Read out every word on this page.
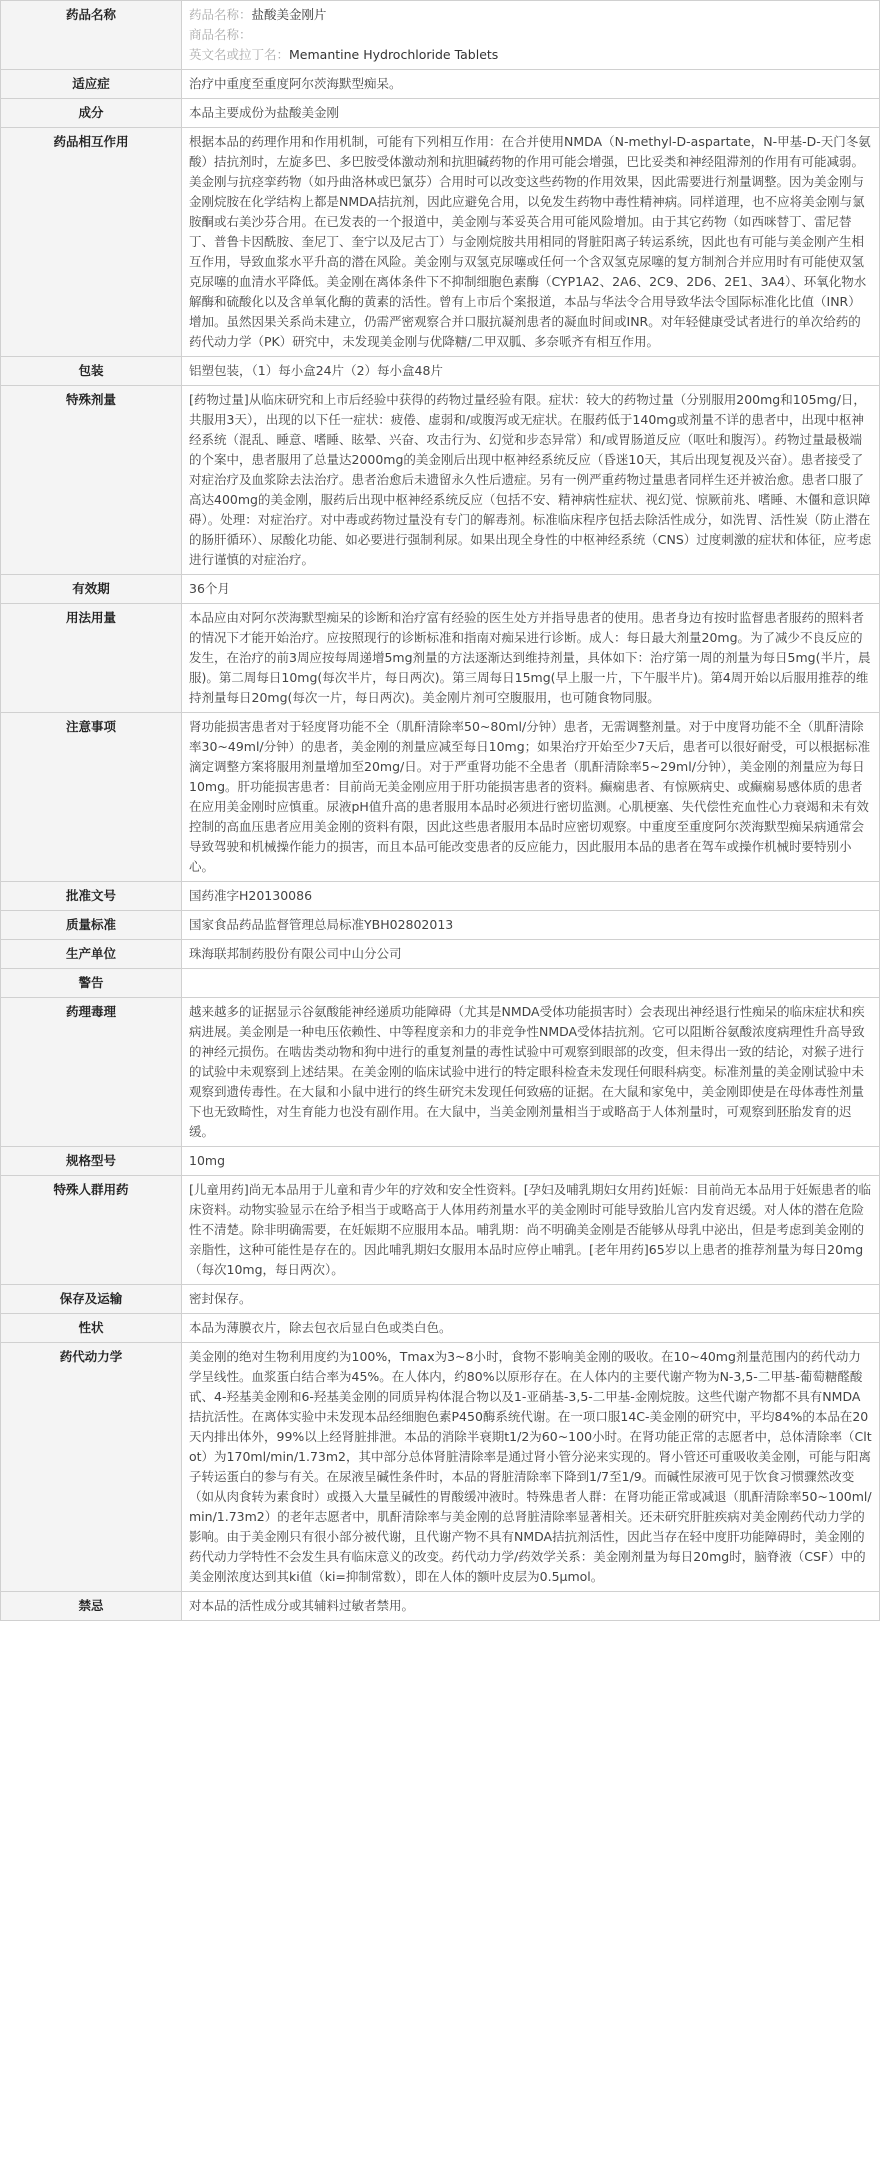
药品名称	药品名称：盐酸美金刚片
商品名称：
英文名或拉丁名：Memantine Hydrochloride Tablets

适应症	治疗中重度至重度阿尔茨海默型痴呆。
成分	本品主要成份为盐酸美金刚
药品相互作用	根据本品的药理作用和作用机制，可能有下列相互作用：在合并使用NMDA（N-methyl-D-aspartate，N-甲基-D-天门冬氨酸）拮抗剂时，左旋多巴、多巴胺受体激动剂和抗胆碱药物的作用可能会增强，巴比妥类和神经阻滞剂的作用有可能减弱。美金刚与抗痉挛药物（如丹曲洛林或巴氯芬）合用时可以改变这些药物的作用效果，因此需要进行剂量调整。因为美金刚与金刚烷胺在化学结构上都是NMDA拮抗剂，因此应避免合用，以免发生药物中毒性精神病。同样道理，也不应将美金刚与氯胺酮或右美沙芬合用。在已发表的一个报道中，美金刚与苯妥英合用可能风险增加。由于其它药物（如西咪替丁、雷尼替丁、普鲁卡因酰胺、奎尼丁、奎宁以及尼古丁）与金刚烷胺共用相同的肾脏阳离子转运系统，因此也有可能与美金刚产生相互作用，导致血浆水平升高的潜在风险。美金刚与双氢克尿噻或任何一个含双氢克尿噻的复方制剂合并应用时有可能使双氢克尿噻的血清水平降低。美金刚在离体条件下不抑制细胞色素酶（CYP1A2、2A6、2C9、2D6、2E1、3A4）、环氧化物水解酶和硫酸化以及含单氧化酶的黄素的活性。曾有上市后个案报道，本品与华法令合用导致华法令国际标准化比值（INR）增加。虽然因果关系尚未建立，仍需严密观察合并口服抗凝剂患者的凝血时间或INR。对年轻健康受试者进行的单次给药的药代动力学（PK）研究中，未发现美金刚与优降糖/二甲双胍、多奈哌齐有相互作用。
包装	铝塑包装，（1）每小盒24片（2）每小盒48片
特殊剂量	[药物过量]从临床研究和上市后经验中获得的药物过量经验有限。症状：较大的药物过量（分别服用200mg和105mg/日，共服用3天），出现的以下任一症状：疲倦、虚弱和/或腹泻或无症状。在服药低于140mg或剂量不详的患者中，出现中枢神经系统（混乱、睡意、嗜睡、眩晕、兴奋、攻击行为、幻觉和步态异常）和/或胃肠道反应（呕吐和腹泻）。药物过量最极端的个案中，患者服用了总量达2000mg的美金刚后出现中枢神经系统反应（昏迷10天，其后出现复视及兴奋）。患者接受了对症治疗及血浆除去法治疗。患者治愈后未遗留永久性后遗症。另有一例严重药物过量患者同样生还并被治愈。患者口服了高达400mg的美金刚，服药后出现中枢神经系统反应（包括不安、精神病性症状、视幻觉、惊厥前兆、嗜睡、木僵和意识障碍）。处理：对症治疗。对中毒或药物过量没有专门的解毒剂。标准临床程序包括去除活性成分，如洗胃、活性炭（防止潜在的肠肝循环）、尿酸化功能、如必要进行强制利尿。如果出现全身性的中枢神经系统（CNS）过度刺激的症状和体征，应考虑进行谨慎的对症治疗。
有效期	36个月
用法用量	本品应由对阿尔茨海默型痴呆的诊断和治疗富有经验的医生处方并指导患者的使用。患者身边有按时监督患者服药的照料者的情况下才能开始治疗。应按照现行的诊断标准和指南对痴呆进行诊断。成人：每日最大剂量20mg。为了减少不良反应的发生，在治疗的前3周应按每周递增5mg剂量的方法逐渐达到维持剂量，具体如下：治疗第一周的剂量为每日5mg(半片，晨服)。第二周每日10mg(每次半片，每日两次)。第三周每日15mg(早上服一片，下午服半片)。第4周开始以后服用推荐的维持剂量每日20mg(每次一片，每日两次)。美金刚片剂可空腹服用，也可随食物同服。
注意事项	肾功能损害患者对于轻度肾功能不全（肌酐清除率50~80ml/分钟）患者，无需调整剂量。对于中度肾功能不全（肌酐清除率30~49ml/分钟）的患者，美金刚的剂量应减至每日10mg；如果治疗开始至少7天后，患者可以很好耐受，可以根据标准滴定调整方案将服用剂量增加至20mg/日。对于严重肾功能不全患者（肌酐清除率5~29ml/分钟），美金刚的剂量应为每日10mg。肝功能损害患者：目前尚无美金刚应用于肝功能损害患者的资料。癫痫患者、有惊厥病史、或癫痫易感体质的患者在应用美金刚时应慎重。尿液pH值升高的患者服用本品时必须进行密切监测。心肌梗塞、失代偿性充血性心力衰竭和未有效控制的高血压患者应用美金刚的资料有限，因此这些患者服用本品时应密切观察。中重度至重度阿尔茨海默型痴呆病通常会导致驾驶和机械操作能力的损害，而且本品可能改变患者的反应能力，因此服用本品的患者在驾车或操作机械时要特别小心。
批准文号	国药准字H20130086
质量标准	国家食品药品监督管理总局标准YBH02802013
生产单位	珠海联邦制药股份有限公司中山分公司
警告	
药理毒理	越来越多的证据显示谷氨酸能神经递质功能障碍（尤其是NMDA受体功能损害时）会表现出神经退行性痴呆的临床症状和疾病进展。美金刚是一种电压依赖性、中等程度亲和力的非竞争性NMDA受体拮抗剂。它可以阻断谷氨酸浓度病理性升高导致的神经元损伤。在啮齿类动物和狗中进行的重复剂量的毒性试验中可观察到眼部的改变，但未得出一致的结论，对猴子进行的试验中未观察到上述结果。在美金刚的临床试验中进行的特定眼科检查未发现任何眼科病变。标准剂量的美金刚试验中未观察到遗传毒性。在大鼠和小鼠中进行的终生研究未发现任何致癌的证据。在大鼠和家兔中，美金刚即使是在母体毒性剂量下也无致畸性，对生育能力也没有副作用。在大鼠中，当美金刚剂量相当于或略高于人体剂量时，可观察到胚胎发育的迟缓。
规格型号	10mg
特殊人群用药	[儿童用药]尚无本品用于儿童和青少年的疗效和安全性资料。[孕妇及哺乳期妇女用药]妊娠：目前尚无本品用于妊娠患者的临床资料。动物实验显示在给予相当于或略高于人体用药剂量水平的美金刚时可能导致胎儿宫内发育迟缓。对人体的潜在危险性不清楚。除非明确需要，在妊娠期不应服用本品。哺乳期：尚不明确美金刚是否能够从母乳中泌出，但是考虑到美金刚的亲脂性，这种可能性是存在的。因此哺乳期妇女服用本品时应停止哺乳。[老年用药]65岁以上患者的推荐剂量为每日20mg（每次10mg，每日两次）。
保存及运输	密封保存。
性状	本品为薄膜衣片，除去包衣后显白色或类白色。
药代动力学	美金刚的绝对生物利用度约为100%，Tmax为3~8小时，食物不影响美金刚的吸收。在10~40mg剂量范围内的药代动力学呈线性。血浆蛋白结合率为45%。在人体内，约80%以原形存在。在人体内的主要代谢产物为N-3,5-二甲基-葡萄糖醛酸甙、4-羟基美金刚和6-羟基美金刚的同质异构体混合物以及1-亚硝基-3,5-二甲基-金刚烷胺。这些代谢产物都不具有NMDA拮抗活性。在离体实验中未发现本品经细胞色素P450酶系统代谢。在一项口服14C-美金刚的研究中，平均84%的本品在20天内排出体外，99%以上经肾脏排泄。本品的消除半衰期t1/2为60~100小时。在肾功能正常的志愿者中，总体清除率（Cltot）为170ml/min/1.73m2，其中部分总体肾脏清除率是通过肾小管分泌来实现的。肾小管还可重吸收美金刚，可能与阳离子转运蛋白的参与有关。在尿液呈碱性条件时，本品的肾脏清除率下降到1/7至1/9。而碱性尿液可见于饮食习惯骤然改变（如从肉食转为素食时）或摄入大量呈碱性的胃酸缓冲液时。特殊患者人群：在肾功能正常或减退（肌酐清除率50~100ml/min/1.73m2）的老年志愿者中，肌酐清除率与美金刚的总肾脏清除率显著相关。还未研究肝脏疾病对美金刚药代动力学的影响。由于美金刚只有很小部分被代谢，且代谢产物不具有NMDA拮抗剂活性，因此当存在轻中度肝功能障碍时，美金刚的药代动力学特性不会发生具有临床意义的改变。药代动力学/药效学关系：美金刚剂量为每日20mg时，脑脊液（CSF）中的美金刚浓度达到其ki值（ki=抑制常数），即在人体的额叶皮层为0.5μmol。
禁忌	对本品的活性成分或其辅料过敏者禁用。
